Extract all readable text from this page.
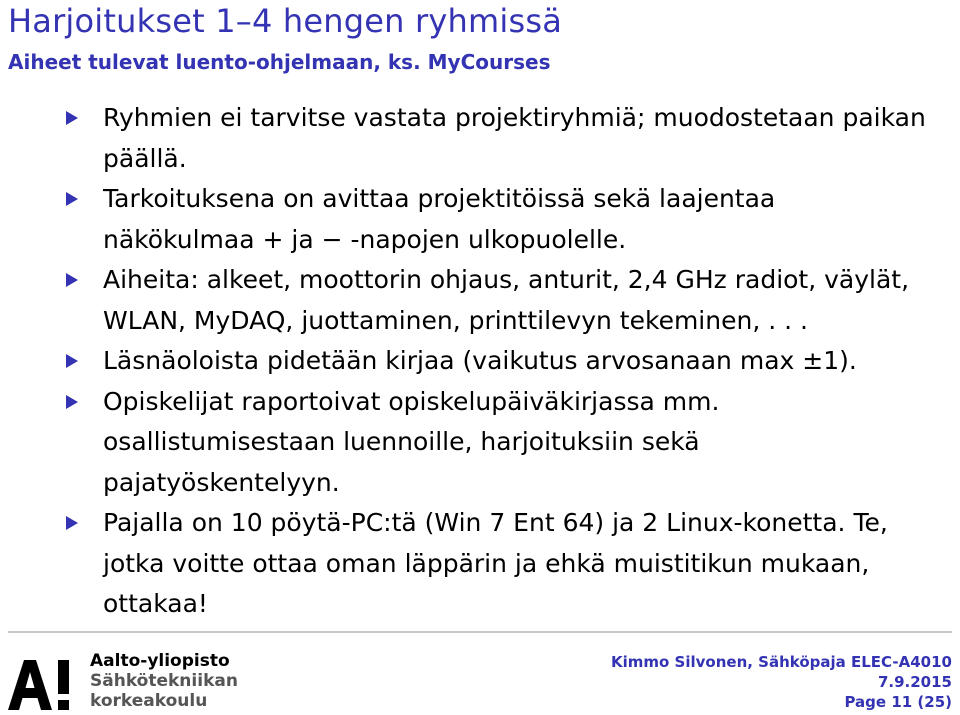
Harjoitukset 1–4 hengen ryhmissä
Aiheet tulevat luento-ohjelmaan, ks. MyCourses
Ryhmien ei tarvitse vastata projektiryhmiä; muodostetaan paikan päällä.
Tarkoituksena on avittaa projektitöissä sekä laajentaa näkökulmaa + ja − -napojen ulkopuolelle.
Aiheita: alkeet, moottorin ohjaus, anturit, 2,4 GHz radiot, väylät, WLAN, MyDAQ, juottaminen, printtilevyn tekeminen, . . .
Läsnäoloista pidetään kirjaa (vaikutus arvosanaan max ±1).
Opiskelijat raportoivat opiskelupäiväkirjassa mm. osallistumisestaan luennoille, harjoituksiin sekä pajatyöskentelyyn.
Pajalla on 10 pöytä-PC:tä (Win 7 Ent 64) ja 2 Linux-konetta. Te, jotka voitte ottaa oman läppärin ja ehkä muistitikun mukaan, ottakaa!
Aalto-yliopisto
Sähkötekniikan
korkeakoulu
Kimmo Silvonen, Sähköpaja ELEC-A4010
7.9.2015
Page 11 (25)
